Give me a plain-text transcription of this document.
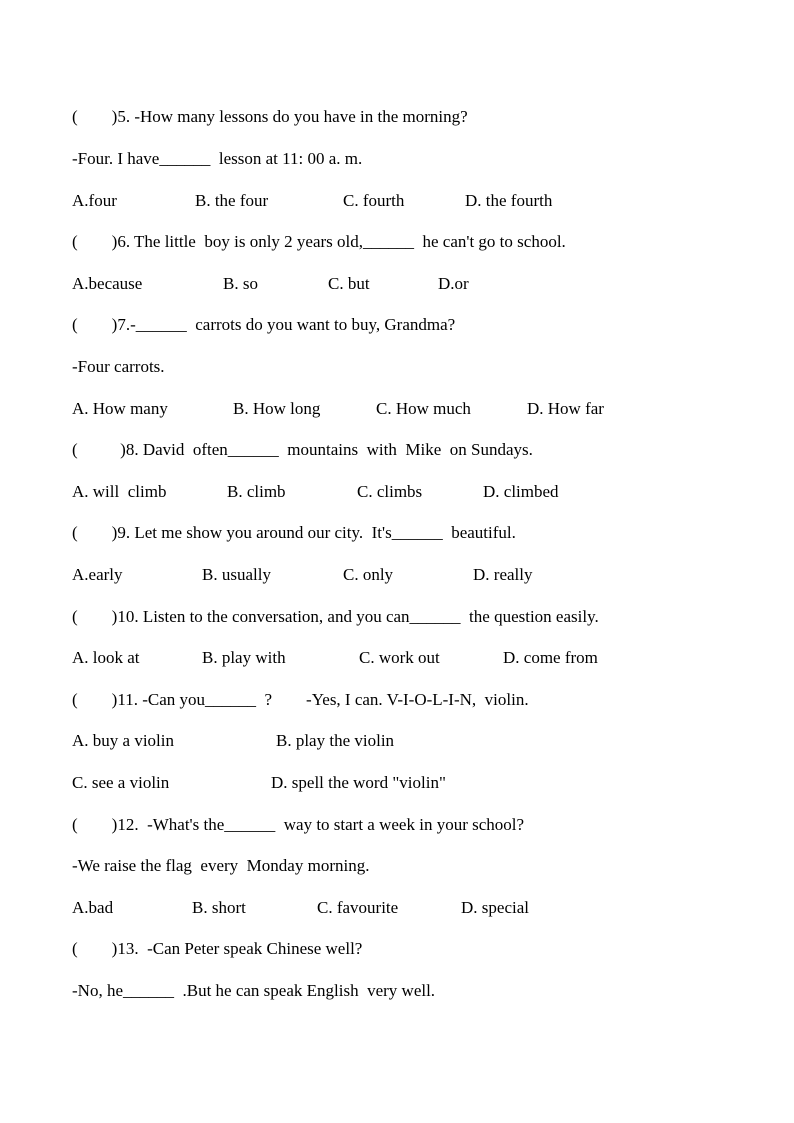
(        )5. -How many lessons do you have in the morning?
-Four. I have______  lesson at 11: 00 a. m.
A.four	B. the four	C. fourth	D. the fourth
(        )6. The little  boy is only 2 years old,______  he can't go to school.
A.because	B. so	C. but	D.or
(        )7.-______  carrots do you want to buy, Grandma?
-Four carrots.
A. How many	B. How long	C. How much	D. How far
(          )8. David  often______  mountains  with  Mike  on Sundays.
A. will  climb	B. climb	C. climbs	D. climbed
(        )9. Let me show you around our city.  It's______  beautiful.
A.early	B. usually	C. only	D. really
(        )10. Listen to the conversation, and you can______  the question easily.
A. look at	B. play with	C. work out	D. come from
(        )11. -Can you______  ?        -Yes, I can. V-I-O-L-I-N,  violin.
A. buy a violin	B. play the violin
C. see a violin	D. spell the word "violin"
(        )12.  -What's the______  way to start a week in your school?
-We raise the flag  every  Monday morning.
A.bad	B. short	C. favourite	D. special
(        )13.  -Can Peter speak Chinese well?
-No, he______  .But he can speak English  very well.
